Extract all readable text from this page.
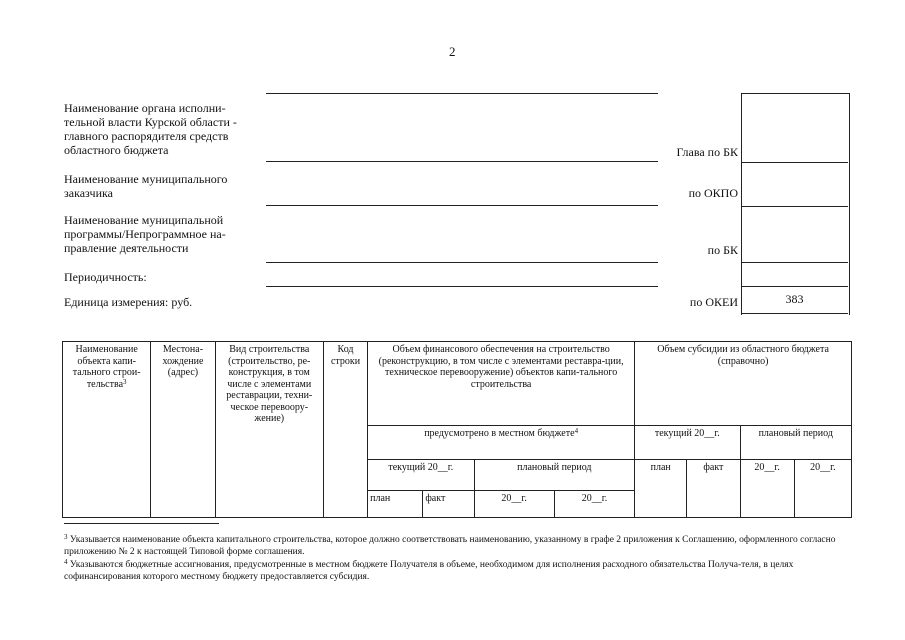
2
Наименование органа исполни-
тельной власти Курской области -
главного распорядителя средств
областного бюджета
Наименование муниципального
заказчика
Наименование муниципальной
программы/Непрограммное на-
правление деятельности
Периодичность:
Единица измерения: руб.
Глава по БК
по ОКПО
по БК
по ОКЕИ	383
Наименование объекта капи-тального строи-тельства$^3$	Местона-хождение (адрес)	Вид строительства (строительство, ре-конструкция, в том числе с элементами реставрации, техни-ческое перевоору-жение)	Код строки	Объем финансового обеспечения на строительство (реконструкцию, в том числе с элементами реставра-ции, техническое перевооружение) объектов капи-тального строительства				Объем субсидии из областного бюджета (справочно)			
				предусмотрено в местном бюджете$^4$				текущий 20__г.		плановый период	
				текущий 20__г.		плановый период		план	факт	20__г.	20__г.
				план	факт	20__г.	20__г.				
$^3$ Указывается наименование объекта капитального строительства, которое должно соответствовать наименованию, указанному в графе 2 приложения к Соглашению, оформленного согласно приложению № 2 к настоящей Типовой форме соглашения.
$^4$ Указываются бюджетные ассигнования, предусмотренные в местном бюджете Получателя в объеме, необходимом для исполнения расходного обязательства Получа-теля, в целях софинансирования которого местному бюджету предоставляется субсидия.
